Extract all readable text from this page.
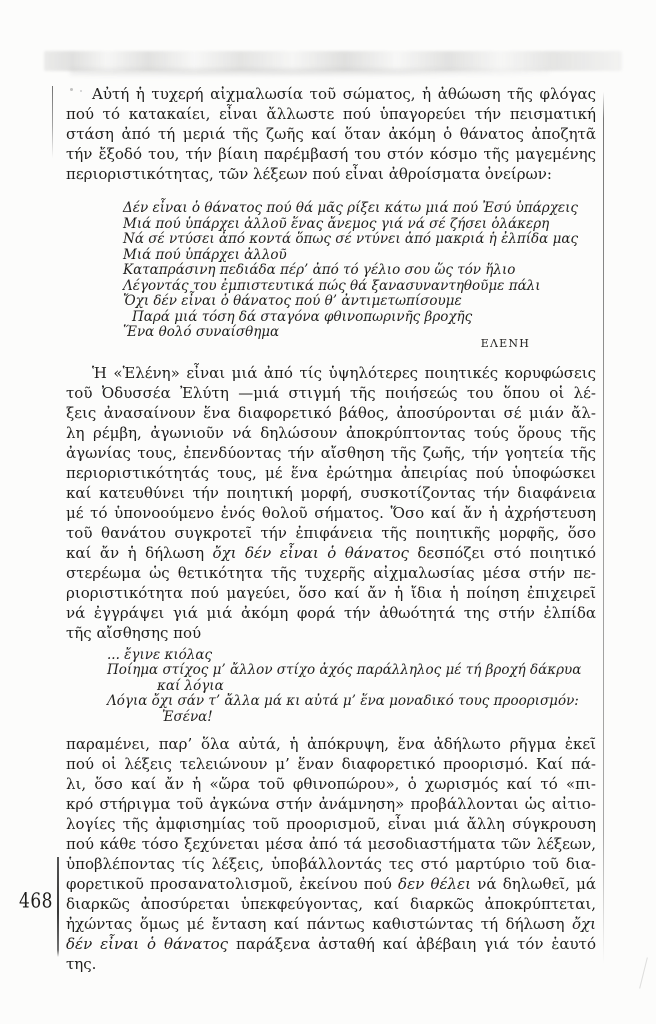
468
Αὐτή ἡ τυχερή αἰχμαλωσία τοῦ σώματος, ἡ ἀθώωση τῆς φλόγας
πού τό κατακαίει, εἶναι ἄλλωστε πού ὑπαγορεύει τήν πεισματική
στάση ἀπό τή μεριά τῆς ζωῆς καί ὅταν ἀκόμη ὁ θάνατος ἀποζητᾶ
τήν ἔξοδό του, τήν βίαιη παρέμβασή του στόν κόσμο τῆς μαγεμένης
περιοριστικότητας, τῶν λέξεων πού εἶναι ἀθροίσματα ὀνείρων:
Δέν εἶναι ὁ θάνατος πού θά μᾶς ρίξει κάτω μιά πού Ἐσύ ὑπάρχεις
Μιά πού ὑπάρχει ἀλλοῦ ἕνας ἄνεμος γιά νά σέ ζήσει ὁλάκερη
Νά σέ ντύσει ἀπό κοντά ὅπως σέ ντύνει ἀπό μακριά ἡ ἐλπίδα μας
Μιά πού ὑπάρχει ἀλλοῦ
Καταπράσινη πεδιάδα πέρ’ ἀπό τό γέλιο σου ὥς τόν ἥλιο
Λέγοντάς του ἐμπιστευτικά πώς θά ξανασυναντηθοῦμε πάλι
Ὄχι δέν εἶναι ὁ θάνατος πού θ’ ἀντιμετωπίσουμε
Παρά μιά τόση δά σταγόνα φθινοπωρινῆς βροχῆς
Ἕνα θολό συναίσθημα
ΕΛΕΝΗ
Ἡ «Ἑλένη» εἶναι μιά ἀπό τίς ὑψηλότερες ποιητικές κορυφώσεις
τοῦ Ὀδυσσέα Ἐλύτη —μιά στιγμή τῆς ποιήσεώς του ὅπου οἱ λέ-
ξεις ἀνασαίνουν ἕνα διαφορετικό βάθος, ἀποσύρονται σέ μιάν ἄλ-
λη ρέμβη, ἀγωνιοῦν νά δηλώσουν ἀποκρύπτοντας τούς ὅρους τῆς
ἀγωνίας τους, ἐπενδύοντας τήν αἴσθηση τῆς ζωῆς, τήν γοητεία τῆς
περιοριστικότητάς τους, μέ ἕνα ἐρώτημα ἀπειρίας πού ὑποφώσκει
καί κατευθύνει τήν ποιητική μορφή, συσκοτίζοντας τήν διαφάνεια
μέ τό ὑπονοούμενο ἑνός θολοῦ σήματος. Ὅσο καί ἄν ἡ ἀχρήστευση
τοῦ θανάτου συγκροτεῖ τήν ἐπιφάνεια τῆς ποιητικῆς μορφῆς, ὅσο
καί ἄν ἡ δήλωση ὄχι δέν εἶναι ὁ θάνατος δεσπόζει στό ποιητικό
στερέωμα ὡς θετικότητα τῆς τυχερῆς αἰχμαλωσίας μέσα στήν πε-
ριοριστικότητα πού μαγεύει, ὅσο καί ἄν ἡ ἴδια ἡ ποίηση ἐπιχειρεῖ
νά ἐγγράψει γιά μιά ἀκόμη φορά τήν ἀθωότητά της στήν ἐλπίδα
τῆς αἴσθησης πού
... ἔγινε κιόλας
Ποίημα στίχος μ’ ἄλλον στίχο ἀχός παράλληλος μέ τή βροχή δάκρυα
καί λόγια
Λόγια ὄχι σάν τ’ ἄλλα μά κι αὐτά μ’ ἕνα μοναδικό τους προορισμόν:
Ἐσένα!
παραμένει, παρ’ ὅλα αὐτά, ἡ ἀπόκρυψη, ἕνα ἀδήλωτο ρῆγμα ἐκεῖ
πού οἱ λέξεις τελειώνουν μ’ ἕναν διαφορετικό προορισμό. Καί πά-
λι, ὅσο καί ἄν ἡ «ὥρα τοῦ φθινοπώρου», ὁ χωρισμός καί τό «πι-
κρό στήριγμα τοῦ ἀγκώνα στήν ἀνάμνηση» προβάλλονται ὡς αἰτιο-
λογίες τῆς ἀμφισημίας τοῦ προορισμοῦ, εἶναι μιά ἄλλη σύγκρουση
πού κάθε τόσο ξεχύνεται μέσα ἀπό τά μεσοδιαστήματα τῶν λέξεων,
ὑποβλέποντας τίς λέξεις, ὑποβάλλοντάς τες στό μαρτύριο τοῦ δια-
φορετικοῦ προσανατολισμοῦ, ἐκείνου πού δεν θέλει νά δηλωθεῖ, μά
διαρκῶς ἀποσύρεται ὑπεκφεύγοντας, καί διαρκῶς ἀποκρύπτεται,
ἠχώντας ὅμως μέ ἔνταση καί πάντως καθιστώντας τή δήλωση ὄχι
δέν εἶναι ὁ θάνατος παράξενα ἀσταθή καί ἀβέβαιη γιά τόν ἑαυτό
της.
